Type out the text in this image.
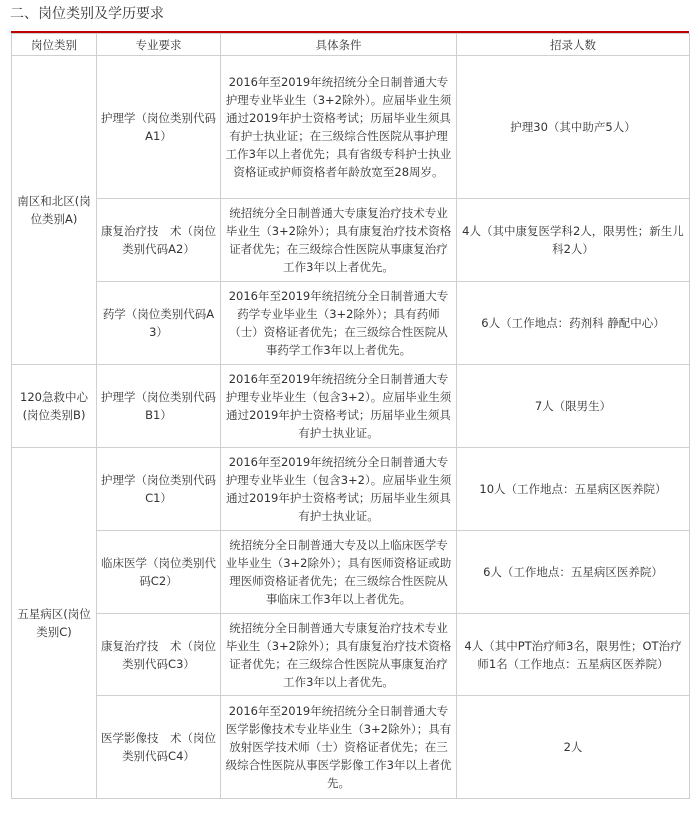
二、岗位类别及学历要求
岗位类别	专业要求	具体条件	招录人数
南区和北区(岗位类别A)	护理学（岗位类别代码A1）	2016年至2019年统招统分全日制普通大专护理专业毕业生（3+2除外）。应届毕业生须通过2019年护士资格考试；历届毕业生须具有护士执业证；在三级综合性医院从事护理工作3年以上者优先；具有省级专科护士执业资格证或护师资格者年龄放宽至28周岁。	护理30（其中助产5人）
	康复治疗技　术（岗位类别代码A2）	统招统分全日制普通大专康复治疗技术专业毕业生（3+2除外）；具有康复治疗技术资格证者优先；在三级综合性医院从事康复治疗工作3年以上者优先。	4人（其中康复医学科2人，限男性；新生儿科2人）
	药学（岗位类别代码A3）	2016年至2019年统招统分全日制普通大专药学专业毕业生（3+2除外）；具有药师（士）资格证者优先；在三级综合性医院从事药学工作3年以上者优先。	6人（工作地点：药剂科 静配中心）
120急救中心(岗位类别B)	护理学（岗位类别代码B1）	2016年至2019年统招统分全日制普通大专护理专业毕业生（包含3+2）。应届毕业生须通过2019年护士资格考试；历届毕业生须具有护士执业证。	7人（限男生）
五星病区(岗位类别C)	护理学（岗位类别代码C1）	2016年至2019年统招统分全日制普通大专护理专业毕业生（包含3+2）。应届毕业生须通过2019年护士资格考试；历届毕业生须具有护士执业证。	10人（工作地点：五星病区医养院）
	临床医学（岗位类别代码C2）	统招统分全日制普通大专及以上临床医学专业毕业生（3+2除外）；具有医师资格证或助理医师资格证者优先；在三级综合性医院从事临床工作3年以上者优先。	6人（工作地点：五星病区医养院）
	康复治疗技　术（岗位类别代码C3）	统招统分全日制普通大专康复治疗技术专业毕业生（3+2除外）；具有康复治疗技术资格证者优先；在三级综合性医院从事康复治疗工作3年以上者优先。	4人（其中PT治疗师3名，限男性；OT治疗师1名（工作地点：五星病区医养院）
	医学影像技　术（岗位类别代码C4）	2016年至2019年统招统分全日制普通大专医学影像技术专业毕业生（3+2除外）；具有放射医学技术师（士）资格证者优先；在三级综合性医院从事医学影像工作3年以上者优先。	2人
